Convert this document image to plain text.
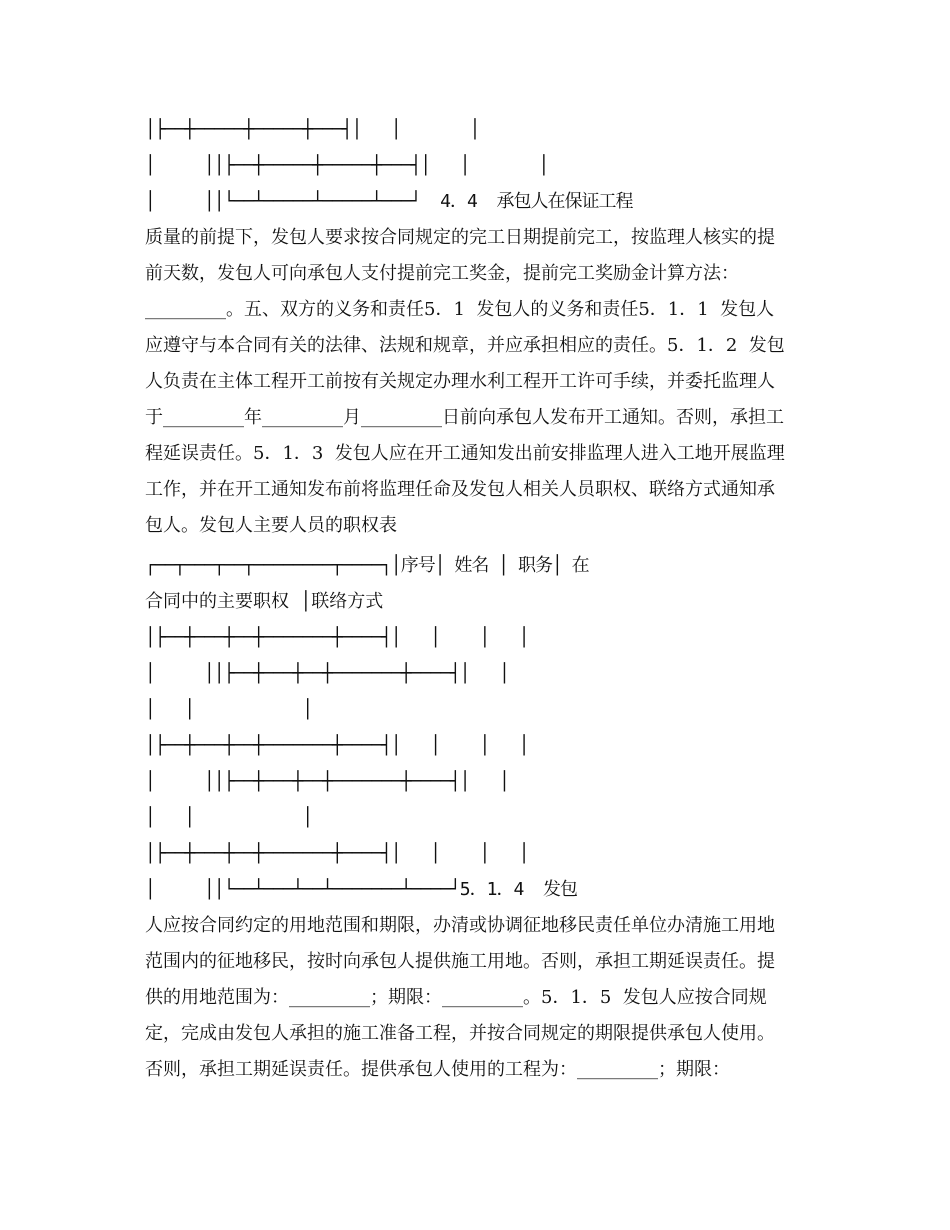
│├──┼─────┼─────┼───┤│   │       │
│     ││├──┼─────┼─────┼───┤│   │       │
│     ││└──┴─────┴─────┴───┘  4．4  承包人在保证工程
质量的前提下，发包人要求按合同规定的完工日期提前完工，按监理人核实的提
前天数，发包人可向承包人支付提前完工奖金，提前完工奖励金计算方法：
_________。五、双方的义务和责任5．1  发包人的义务和责任5．1．1  发包人
应遵守与本合同有关的法律、法规和规章，并应承担相应的责任。5．1．2  发包
人负责在主体工程开工前按有关规定办理水利工程开工许可手续，并委托监理人
于_________年_________月_________日前向承包人发布开工通知。否则，承担工
程延误责任。5．1．3  发包人应在开工通知发出前安排监理人进入工地开展监理
工作，并在开工通知发布前将监理任命及发包人相关人员职权、联络方式通知承
包人。发包人主要人员的职权表
┌──┬───┬──┬────────┬────┐│序号│ 姓名 │ 职务│ 在
合同中的主要职权  │联络方式
│├──┼───┼──┼───────┼────┤│   │    │   │
│     ││├──┼───┼──┼───────┼────┤│   │
│   │           │
│├──┼───┼──┼───────┼────┤│   │    │   │
│     ││├──┼───┼──┼───────┼────┤│   │
│   │           │
│├──┼───┼──┼───────┼────┤│   │    │   │
│     ││└──┴───┴──┴───────┴────┘5．1．4  发包
人应按合同约定的用地范围和期限，办清或协调征地移民责任单位办清施工用地
范围内的征地移民，按时向承包人提供施工用地。否则，承担工期延误责任。提
供的用地范围为：_________；期限：_________。5．1．5  发包人应按合同规
定，完成由发包人承担的施工准备工程，并按合同规定的期限提供承包人使用。
否则，承担工期延误责任。提供承包人使用的工程为：_________；期限：
